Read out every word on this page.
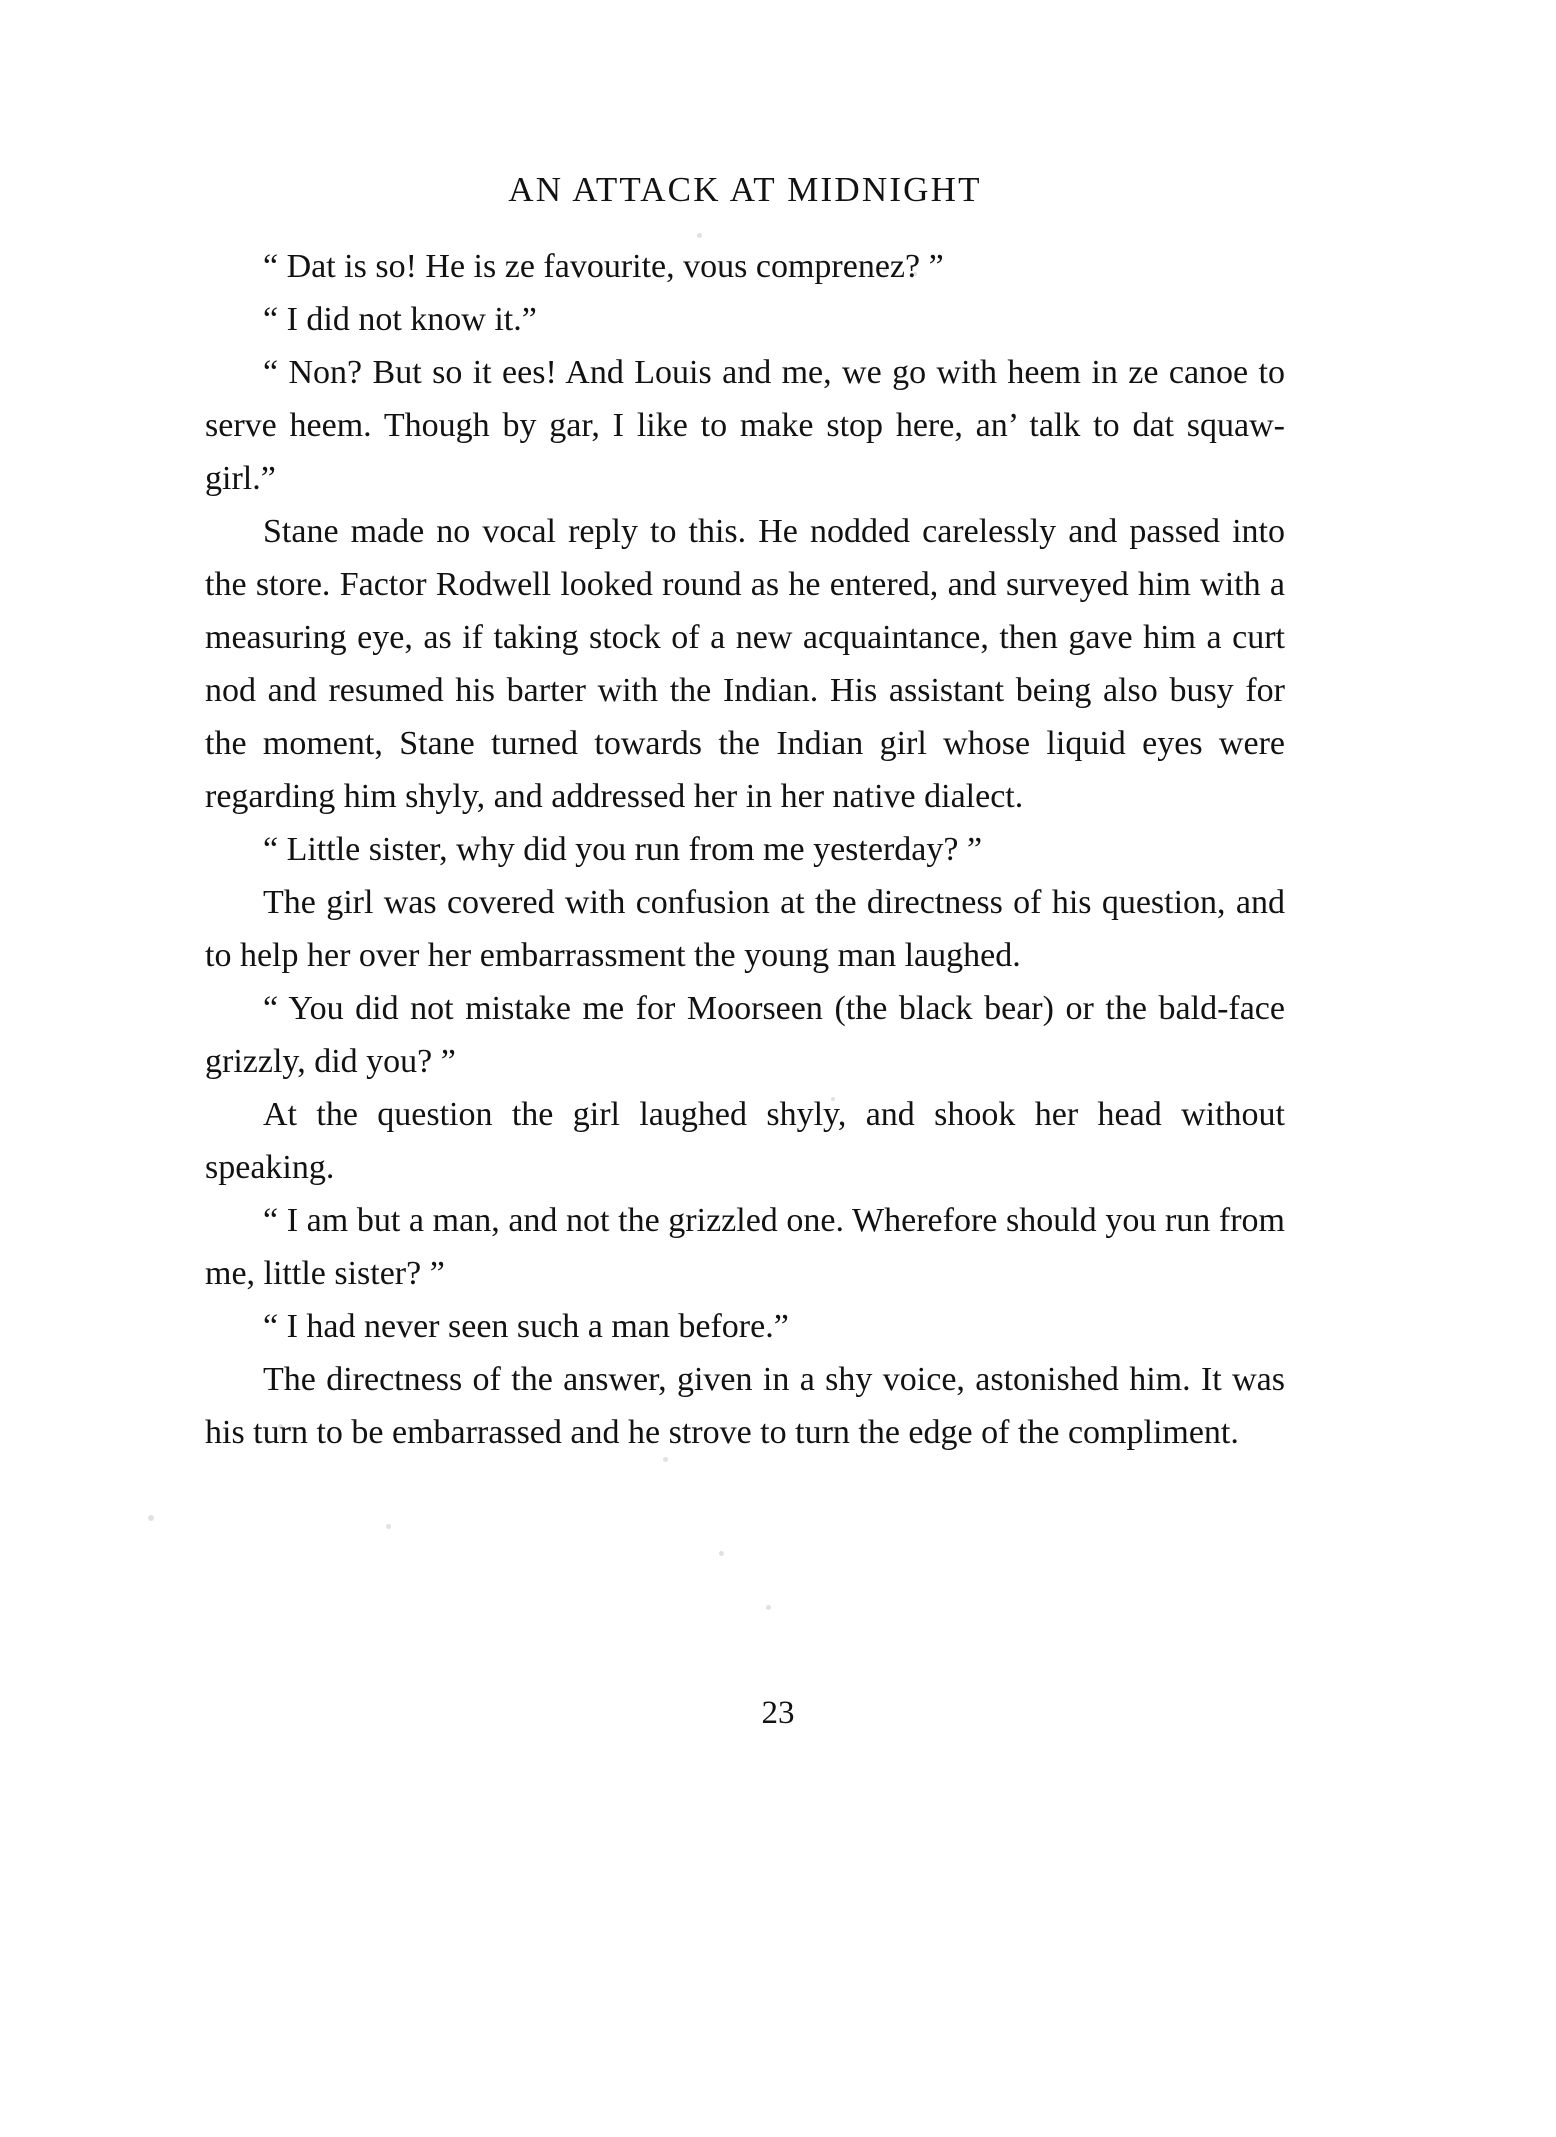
AN ATTACK AT MIDNIGHT

“ Dat is so! He is ze favourite, vous comprenez? ”

“ I did not know it.”

“ Non? But so it ees! And Louis and me, we go with heem in ze canoe to serve heem. Though by gar, I like to make stop here, an’ talk to dat squaw-girl.”

Stane made no vocal reply to this. He nodded carelessly and passed into the store. Factor Rodwell looked round as he entered, and surveyed him with a measuring eye, as if taking stock of a new acquaintance, then gave him a curt nod and resumed his barter with the Indian. His assistant being also busy for the moment, Stane turned towards the Indian girl whose liquid eyes were regarding him shyly, and addressed her in her native dialect.

“ Little sister, why did you run from me yesterday? ”

The girl was covered with confusion at the directness of his question, and to help her over her embarrassment the young man laughed.

“ You did not mistake me for Moorseen (the black bear) or the bald-face grizzly, did you? ”

At the question the girl laughed shyly, and shook her head without speaking.

“ I am but a man, and not the grizzled one. Wherefore should you run from me, little sister? ”

“ I had never seen such a man before.”

The directness of the answer, given in a shy voice, astonished him. It was his turn to be embarrassed and he strove to turn the edge of the compliment.

23
